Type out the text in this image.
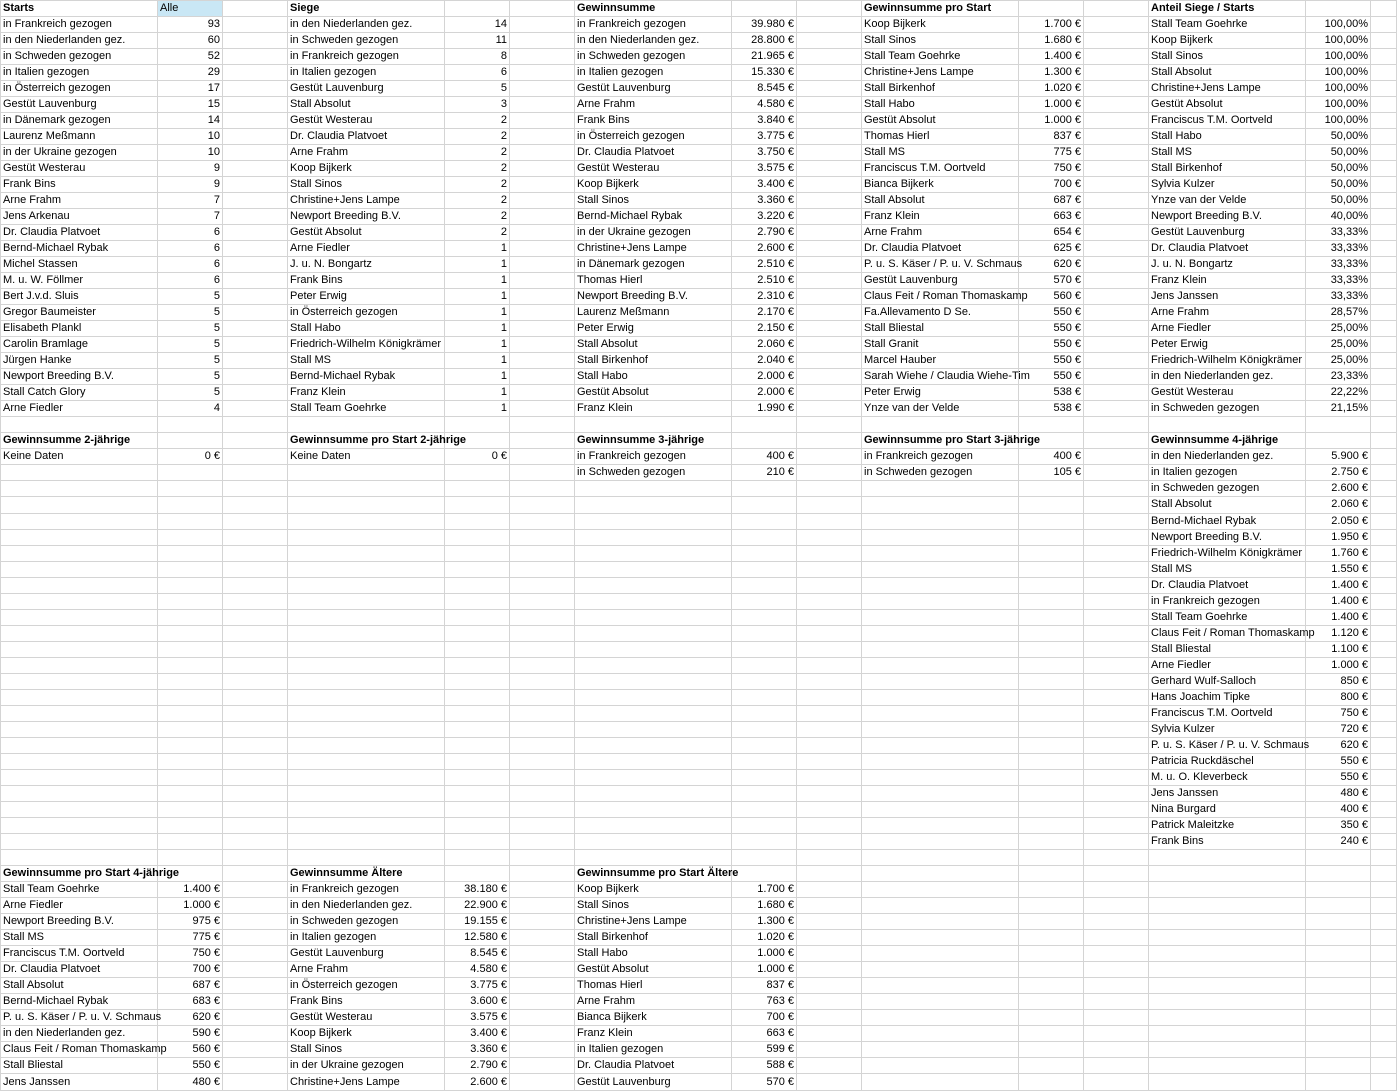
Starts	Alle		Siege			Gewinnsumme			Gewinnsumme pro Start			Anteil Siege / Starts		
in Frankreich gezogen	93		in den Niederlanden gez.	14		in Frankreich gezogen	39.980 €		Koop Bijkerk	1.700 €		Stall Team Goehrke	100,00%	
in den Niederlanden gez.	60		in Schweden gezogen	11		in den Niederlanden gez.	28.800 €		Stall Sinos	1.680 €		Koop Bijkerk	100,00%	
in Schweden gezogen	52		in Frankreich gezogen	8		in Schweden gezogen	21.965 €		Stall Team Goehrke	1.400 €		Stall Sinos	100,00%	
in Italien gezogen	29		in Italien gezogen	6		in Italien gezogen	15.330 €		Christine+Jens Lampe	1.300 €		Stall Absolut	100,00%	
in Österreich gezogen	17		Gestüt Lauvenburg	5		Gestüt Lauvenburg	8.545 €		Stall Birkenhof	1.020 €		Christine+Jens Lampe	100,00%	
Gestüt Lauvenburg	15		Stall Absolut	3		Arne Frahm	4.580 €		Stall Habo	1.000 €		Gestüt Absolut	100,00%	
in Dänemark gezogen	14		Gestüt Westerau	2		Frank Bins	3.840 €		Gestüt Absolut	1.000 €		Franciscus T.M. Oortveld	100,00%	
Laurenz Meßmann	10		Dr. Claudia Platvoet	2		in Österreich gezogen	3.775 €		Thomas Hierl	837 €		Stall Habo	50,00%	
in der Ukraine gezogen	10		Arne Frahm	2		Dr. Claudia Platvoet	3.750 €		Stall MS	775 €		Stall MS	50,00%	
Gestüt Westerau	9		Koop Bijkerk	2		Gestüt Westerau	3.575 €		Franciscus T.M. Oortveld	750 €		Stall Birkenhof	50,00%	
Frank Bins	9		Stall Sinos	2		Koop Bijkerk	3.400 €		Bianca Bijkerk	700 €		Sylvia Kulzer	50,00%	
Arne Frahm	7		Christine+Jens Lampe	2		Stall Sinos	3.360 €		Stall Absolut	687 €		Ynze van der Velde	50,00%	
Jens Arkenau	7		Newport Breeding B.V.	2		Bernd-Michael Rybak	3.220 €		Franz Klein	663 €		Newport Breeding B.V.	40,00%	
Dr. Claudia Platvoet	6		Gestüt Absolut	2		in der Ukraine gezogen	2.790 €		Arne Frahm	654 €		Gestüt Lauvenburg	33,33%	
Bernd-Michael Rybak	6		Arne Fiedler	1		Christine+Jens Lampe	2.600 €		Dr. Claudia Platvoet	625 €		Dr. Claudia Platvoet	33,33%	
Michel Stassen	6		J. u. N. Bongartz	1		in Dänemark gezogen	2.510 €		P. u. S. Käser / P. u. V. Schmaus	620 €		J. u. N. Bongartz	33,33%	
M. u. W. Föllmer	6		Frank Bins	1		Thomas Hierl	2.510 €		Gestüt Lauvenburg	570 €		Franz Klein	33,33%	
Bert J.v.d. Sluis	5		Peter Erwig	1		Newport Breeding B.V.	2.310 €		Claus Feit / Roman Thomaskamp	560 €		Jens Janssen	33,33%	
Gregor Baumeister	5		in Österreich gezogen	1		Laurenz Meßmann	2.170 €		Fa.Allevamento D Se.	550 €		Arne Frahm	28,57%	
Elisabeth Plankl	5		Stall Habo	1		Peter Erwig	2.150 €		Stall Bliestal	550 €		Arne Fiedler	25,00%	
Carolin Bramlage	5		Friedrich-Wilhelm Königkrämer	1		Stall Absolut	2.060 €		Stall Granit	550 €		Peter Erwig	25,00%	
Jürgen Hanke	5		Stall MS	1		Stall Birkenhof	2.040 €		Marcel Hauber	550 €		Friedrich-Wilhelm Königkrämer	25,00%	
Newport Breeding B.V.	5		Bernd-Michael Rybak	1		Stall Habo	2.000 €		Sarah Wiehe / Claudia Wiehe-Tim	550 €		in den Niederlanden gez.	23,33%	
Stall Catch Glory	5		Franz Klein	1		Gestüt Absolut	2.000 €		Peter Erwig	538 €		Gestüt Westerau	22,22%	
Arne Fiedler	4		Stall Team Goehrke	1		Franz Klein	1.990 €		Ynze van der Velde	538 €		in Schweden gezogen	21,15%	

Gewinnsumme 2-jährige			Gewinnsumme pro Start 2-jährige			Gewinnsumme 3-jährige			Gewinnsumme pro Start 3-jährige			Gewinnsumme 4-jährige		
Keine Daten	0 €		Keine Daten	0 €		in Frankreich gezogen	400 €		in Frankreich gezogen	400 €		in den Niederlanden gez.	5.900 €	
						in Schweden gezogen	210 €		in Schweden gezogen	105 €		in Italien gezogen	2.750 €	
												in Schweden gezogen	2.600 €	
												Stall Absolut	2.060 €	
												Bernd-Michael Rybak	2.050 €	
												Newport Breeding B.V.	1.950 €	
												Friedrich-Wilhelm Königkrämer	1.760 €	
												Stall MS	1.550 €	
												Dr. Claudia Platvoet	1.400 €	
												in Frankreich gezogen	1.400 €	
												Stall Team Goehrke	1.400 €	
												Claus Feit / Roman Thomaskamp	1.120 €	
												Stall Bliestal	1.100 €	
												Arne Fiedler	1.000 €	
												Gerhard Wulf-Salloch	850 €	
												Hans Joachim Tipke	800 €	
												Franciscus T.M. Oortveld	750 €	
												Sylvia Kulzer	720 €	
												P. u. S. Käser / P. u. V. Schmaus	620 €	
												Patricia Ruckdäschel	550 €	
												M. u. O. Kleverbeck	550 €	
												Jens Janssen	480 €	
												Nina Burgard	400 €	
												Patrick Maleitzke	350 €	
												Frank Bins	240 €	

Gewinnsumme pro Start 4-jährige			Gewinnsumme Ältere			Gewinnsumme pro Start Ältere								
Stall Team Goehrke	1.400 €		in Frankreich gezogen	38.180 €		Koop Bijkerk	1.700 €							
Arne Fiedler	1.000 €		in den Niederlanden gez.	22.900 €		Stall Sinos	1.680 €							
Newport Breeding B.V.	975 €		in Schweden gezogen	19.155 €		Christine+Jens Lampe	1.300 €							
Stall MS	775 €		in Italien gezogen	12.580 €		Stall Birkenhof	1.020 €							
Franciscus T.M. Oortveld	750 €		Gestüt Lauvenburg	8.545 €		Stall Habo	1.000 €							
Dr. Claudia Platvoet	700 €		Arne Frahm	4.580 €		Gestüt Absolut	1.000 €							
Stall Absolut	687 €		in Österreich gezogen	3.775 €		Thomas Hierl	837 €							
Bernd-Michael Rybak	683 €		Frank Bins	3.600 €		Arne Frahm	763 €							
P. u. S. Käser / P. u. V. Schmaus	620 €		Gestüt Westerau	3.575 €		Bianca Bijkerk	700 €							
in den Niederlanden gez.	590 €		Koop Bijkerk	3.400 €		Franz Klein	663 €							
Claus Feit / Roman Thomaskamp	560 €		Stall Sinos	3.360 €		in Italien gezogen	599 €							
Stall Bliestal	550 €		in der Ukraine gezogen	2.790 €		Dr. Claudia Platvoet	588 €							
Jens Janssen	480 €		Christine+Jens Lampe	2.600 €		Gestüt Lauvenburg	570 €							
